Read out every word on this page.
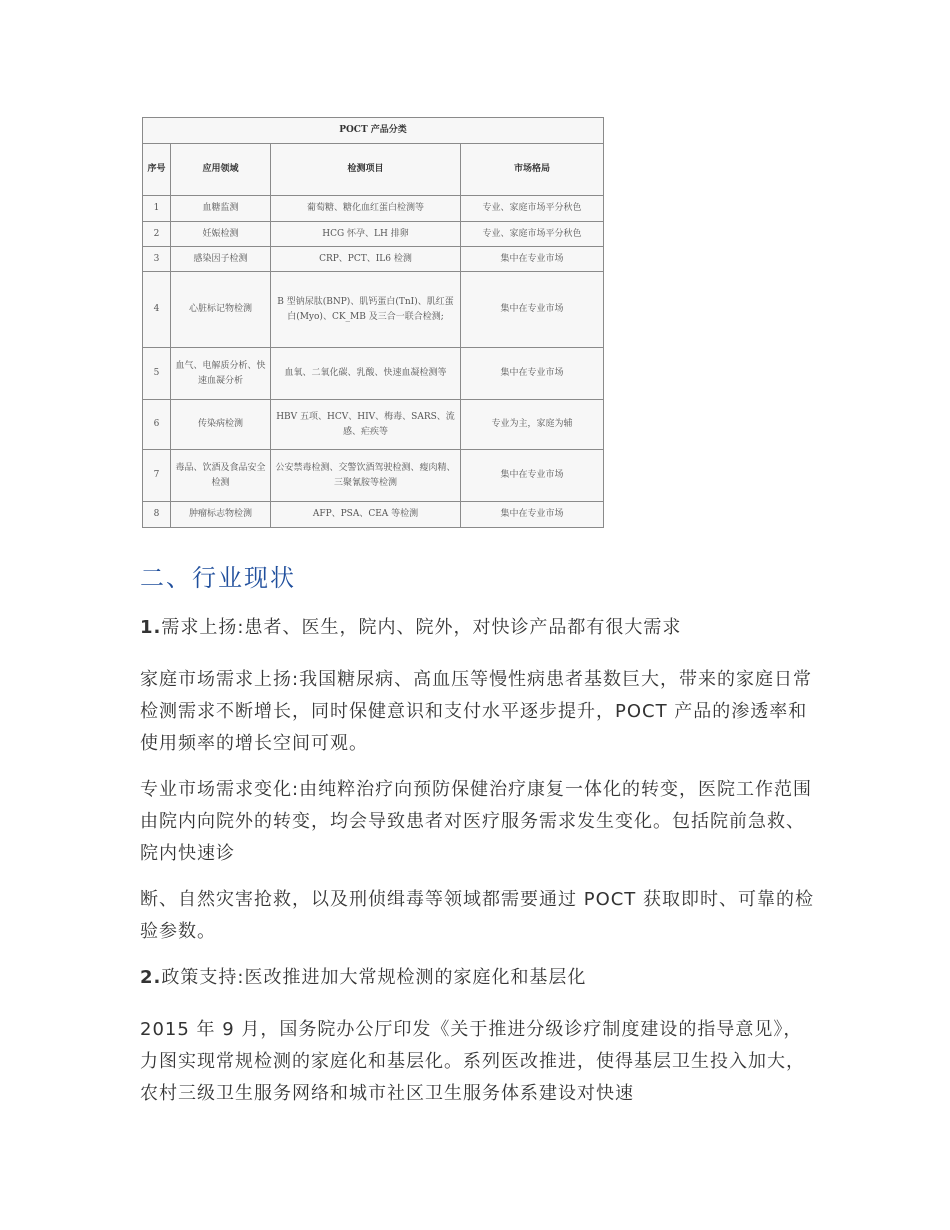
POCT 产品分类			
序号	应用领域	检测项目	市场格局
1	血糖监测	葡萄糖、糖化血红蛋白检测等	专业、家庭市场平分秋色
2	妊娠检测	HCG 怀孕、LH 排卵	专业、家庭市场平分秋色
3	感染因子检测	CRP、PCT、IL6 检测	集中在专业市场
4	心脏标记物检测	B 型钠尿肽(BNP)、肌钙蛋白(TnI)、肌红蛋白(Myo)、CK_MB 及三合一联合检测;	集中在专业市场
5	血气、电解质分析、快速血凝分析	血氧、二氧化碳、乳酸、快速血凝检测等	集中在专业市场
6	传染病检测	HBV 五项、HCV、HIV、梅毒、SARS、流感、疟疾等	专业为主，家庭为辅
7	毒品、饮酒及食品安全检测	公安禁毒检测、交警饮酒驾驶检测、瘦肉精、三聚氰胺等检测	集中在专业市场
8	肿瘤标志物检测	AFP、PSA、CEA 等检测	集中在专业市场
二、行业现状

1.需求上扬:患者、医生，院内、院外，对快诊产品都有很大需求

家庭市场需求上扬:我国糖尿病、高血压等慢性病患者基数巨大，带来的家庭日常检测需求不断增长，同时保健意识和支付水平逐步提升，POCT 产品的渗透率和使用频率的增长空间可观。

专业市场需求变化:由纯粹治疗向预防保健治疗康复一体化的转变，医院工作范围由院内向院外的转变，均会导致患者对医疗服务需求发生变化。包括院前急救、院内快速诊

断、自然灾害抢救，以及刑侦缉毒等领域都需要通过 POCT 获取即时、可靠的检验参数。

2.政策支持:医改推进加大常规检测的家庭化和基层化

2015 年 9 月，国务院办公厅印发《关于推进分级诊疗制度建设的指导意见》，力图实现常规检测的家庭化和基层化。系列医改推进，使得基层卫生投入加大，农村三级卫生服务网络和城市社区卫生服务体系建设对快速
